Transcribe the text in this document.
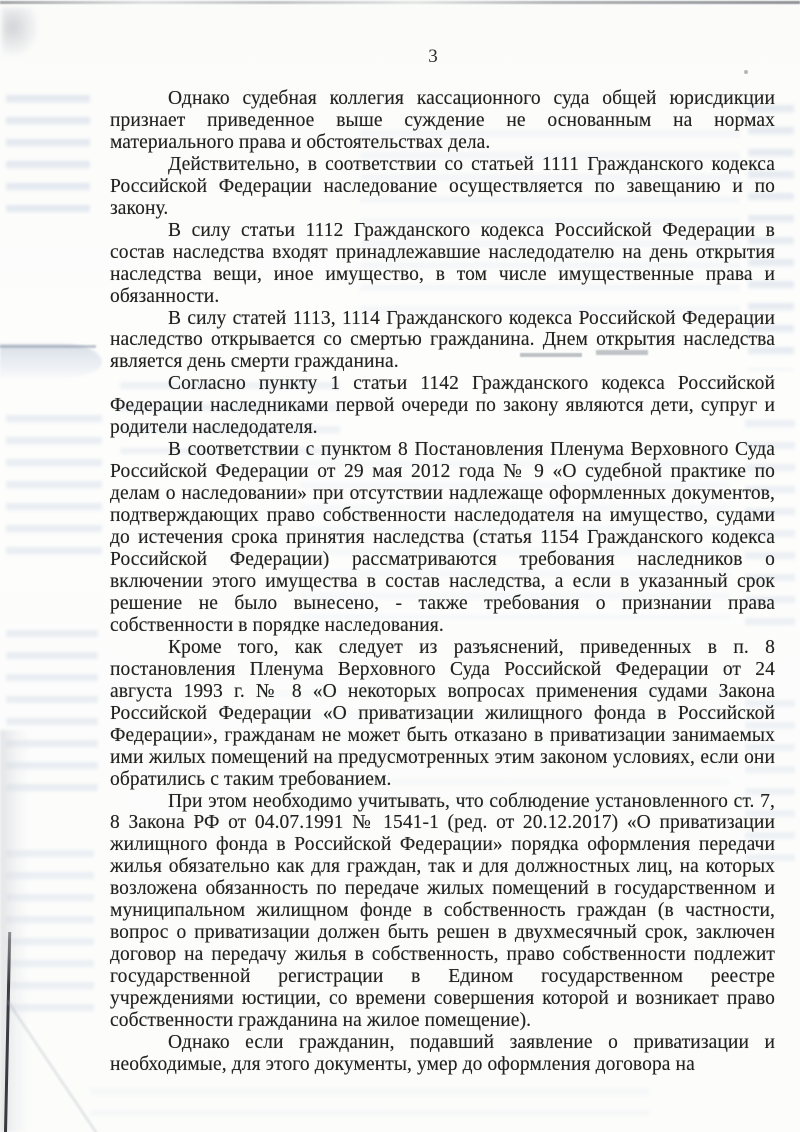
3

Однако судебная коллегия кассационного суда общей юрисдикции признает приведенное выше суждение не основанным на нормах материального права и обстоятельствах дела.

Действительно, в соответствии со статьей 1111 Гражданского кодекса Российской Федерации наследование осуществляется по завещанию и по закону.

В силу статьи 1112 Гражданского кодекса Российской Федерации в состав наследства входят принадлежавшие наследодателю на день открытия наследства вещи, иное имущество, в том числе имущественные права и обязанности.

В силу статей 1113, 1114 Гражданского кодекса Российской Федерации наследство открывается со смертью гражданина. Днем открытия наследства является день смерти гражданина.

Согласно пункту 1 статьи 1142 Гражданского кодекса Российской Федерации наследниками первой очереди по закону являются дети, супруг и родители наследодателя.

В соответствии с пунктом 8 Постановления Пленума Верховного Суда Российской Федерации от 29 мая 2012 года № 9 «О судебной практике по делам о наследовании» при отсутствии надлежаще оформленных документов, подтверждающих право собственности наследодателя на имущество, судами до истечения срока принятия наследства (статья 1154 Гражданского кодекса Российской Федерации) рассматриваются требования наследников о включении этого имущества в состав наследства, а если в указанный срок решение не было вынесено, - также требования о признании права собственности в порядке наследования.

Кроме того, как следует из разъяснений, приведенных в п. 8 постановления Пленума Верховного Суда Российской Федерации от 24 августа 1993 г. № 8 «О некоторых вопросах применения судами Закона Российской Федерации «О приватизации жилищного фонда в Российской Федерации», гражданам не может быть отказано в приватизации занимаемых ими жилых помещений на предусмотренных этим законом условиях, если они обратились с таким требованием.

При этом необходимо учитывать, что соблюдение установленного ст. 7, 8 Закона РФ от 04.07.1991 № 1541-1 (ред. от 20.12.2017) «О приватизации жилищного фонда в Российской Федерации» порядка оформления передачи жилья обязательно как для граждан, так и для должностных лиц, на которых возложена обязанность по передаче жилых помещений в государственном и муниципальном жилищном фонде в собственность граждан (в частности, вопрос о приватизации должен быть решен в двухмесячный срок, заключен договор на передачу жилья в собственность, право собственности подлежит государственной регистрации в Едином государственном реестре учреждениями юстиции, со времени совершения которой и возникает право собственности гражданина на жилое помещение).

Однако если гражданин, подавший заявление о приватизации и необходимые, для этого документы, умер до оформления договора на
